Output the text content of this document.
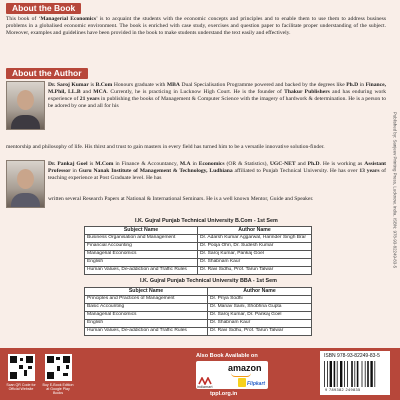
About the Book
This book of ‘Managerial Economics’ is to acquaint the students with the economic concepts and principles and to enable them to use them to address business problems in a globalised economic environment. The book is enriched with case study, exercises and question paper to facilitate proper understanding of the subject. Moreover, examples and guidelines have been provided in the book to make students understand the text easily and effectively.
About the Author
Dr. Saroj Kumar is B.Com Honours graduate with MBA Dual Specialisation Programme powered and backed by the degrees like Ph.D in Finance, M.Phil, LL.B and MCA. Currently, he is practicing in Lucknow High Court. He is the founder of Thakur Publishers and has enduring work experience of 21 years in publishing the books of Management & Computer Science with the imagery of hardwork & determination. He is a person to be adored by one and all for his
mentorship and philosophy of life. His thirst and trust to gain masters in every field has turned him to be a versatile innovative solution-finder.
Dr. Pankaj Goel is M.Com in Finance & Accountancy, M.A in Economics (OR & Statistics), UGC-NET and Ph.D. He is working as Assistant Professor in Guru Nanak Institute of Management & Technology, Ludhiana affiliated to Punjab Technical University. He has over 13 years of teaching experience at Post Graduate level. He has
written several Research Papers at National & International Seminars. He is a well known Mentor, Guide and Speaker.
I.K. Gujral Punjab Technical University B.Com - 1st Sem
Subject Name	Author Name
Business Organisation and Management	Dr. Adarsh Kumar Aggarwal, Harinder Singh Brar
Financial Accounting	Dr. Pooja Ohri, Dr. Sudesh Kumar
Managerial Economics	Dr. Saroj Kumar, Pankaj Goel
English	Dr. Shabnam Kaur
Human Values, De-addiction and Traffic Rules	Dr. Ravi Sidhu, Prof. Tarun Talwar
I.K. Gujral Punjab Technical University BBA - 1st Sem
Subject Name	Author Name
Principles and Practices of Management	Dr. Priya Sodhi
Basic Accounting	Dr. Manav Saini, Shobhna Gupta
Managerial Economics	Dr. Saroj Kumar, Dr. Pankaj Goel
English	Dr. Shabnam Kaur
Human Values, De-addiction and Traffic Rules	Dr. Ravi Sidhu, Prof. Tarun Talwar
Published by: Sanjeev Printing Press, Lucknow, India. ISBN: 978-93-82249-83-5
Scan QR Code for Official Website
Buy E-Book Edition at Google Play Books
Also Book Available on
amazon
indiamart	Flipkart
tppl.org.in
ISBN 978-93-82249-83-5
9 789382 249835
